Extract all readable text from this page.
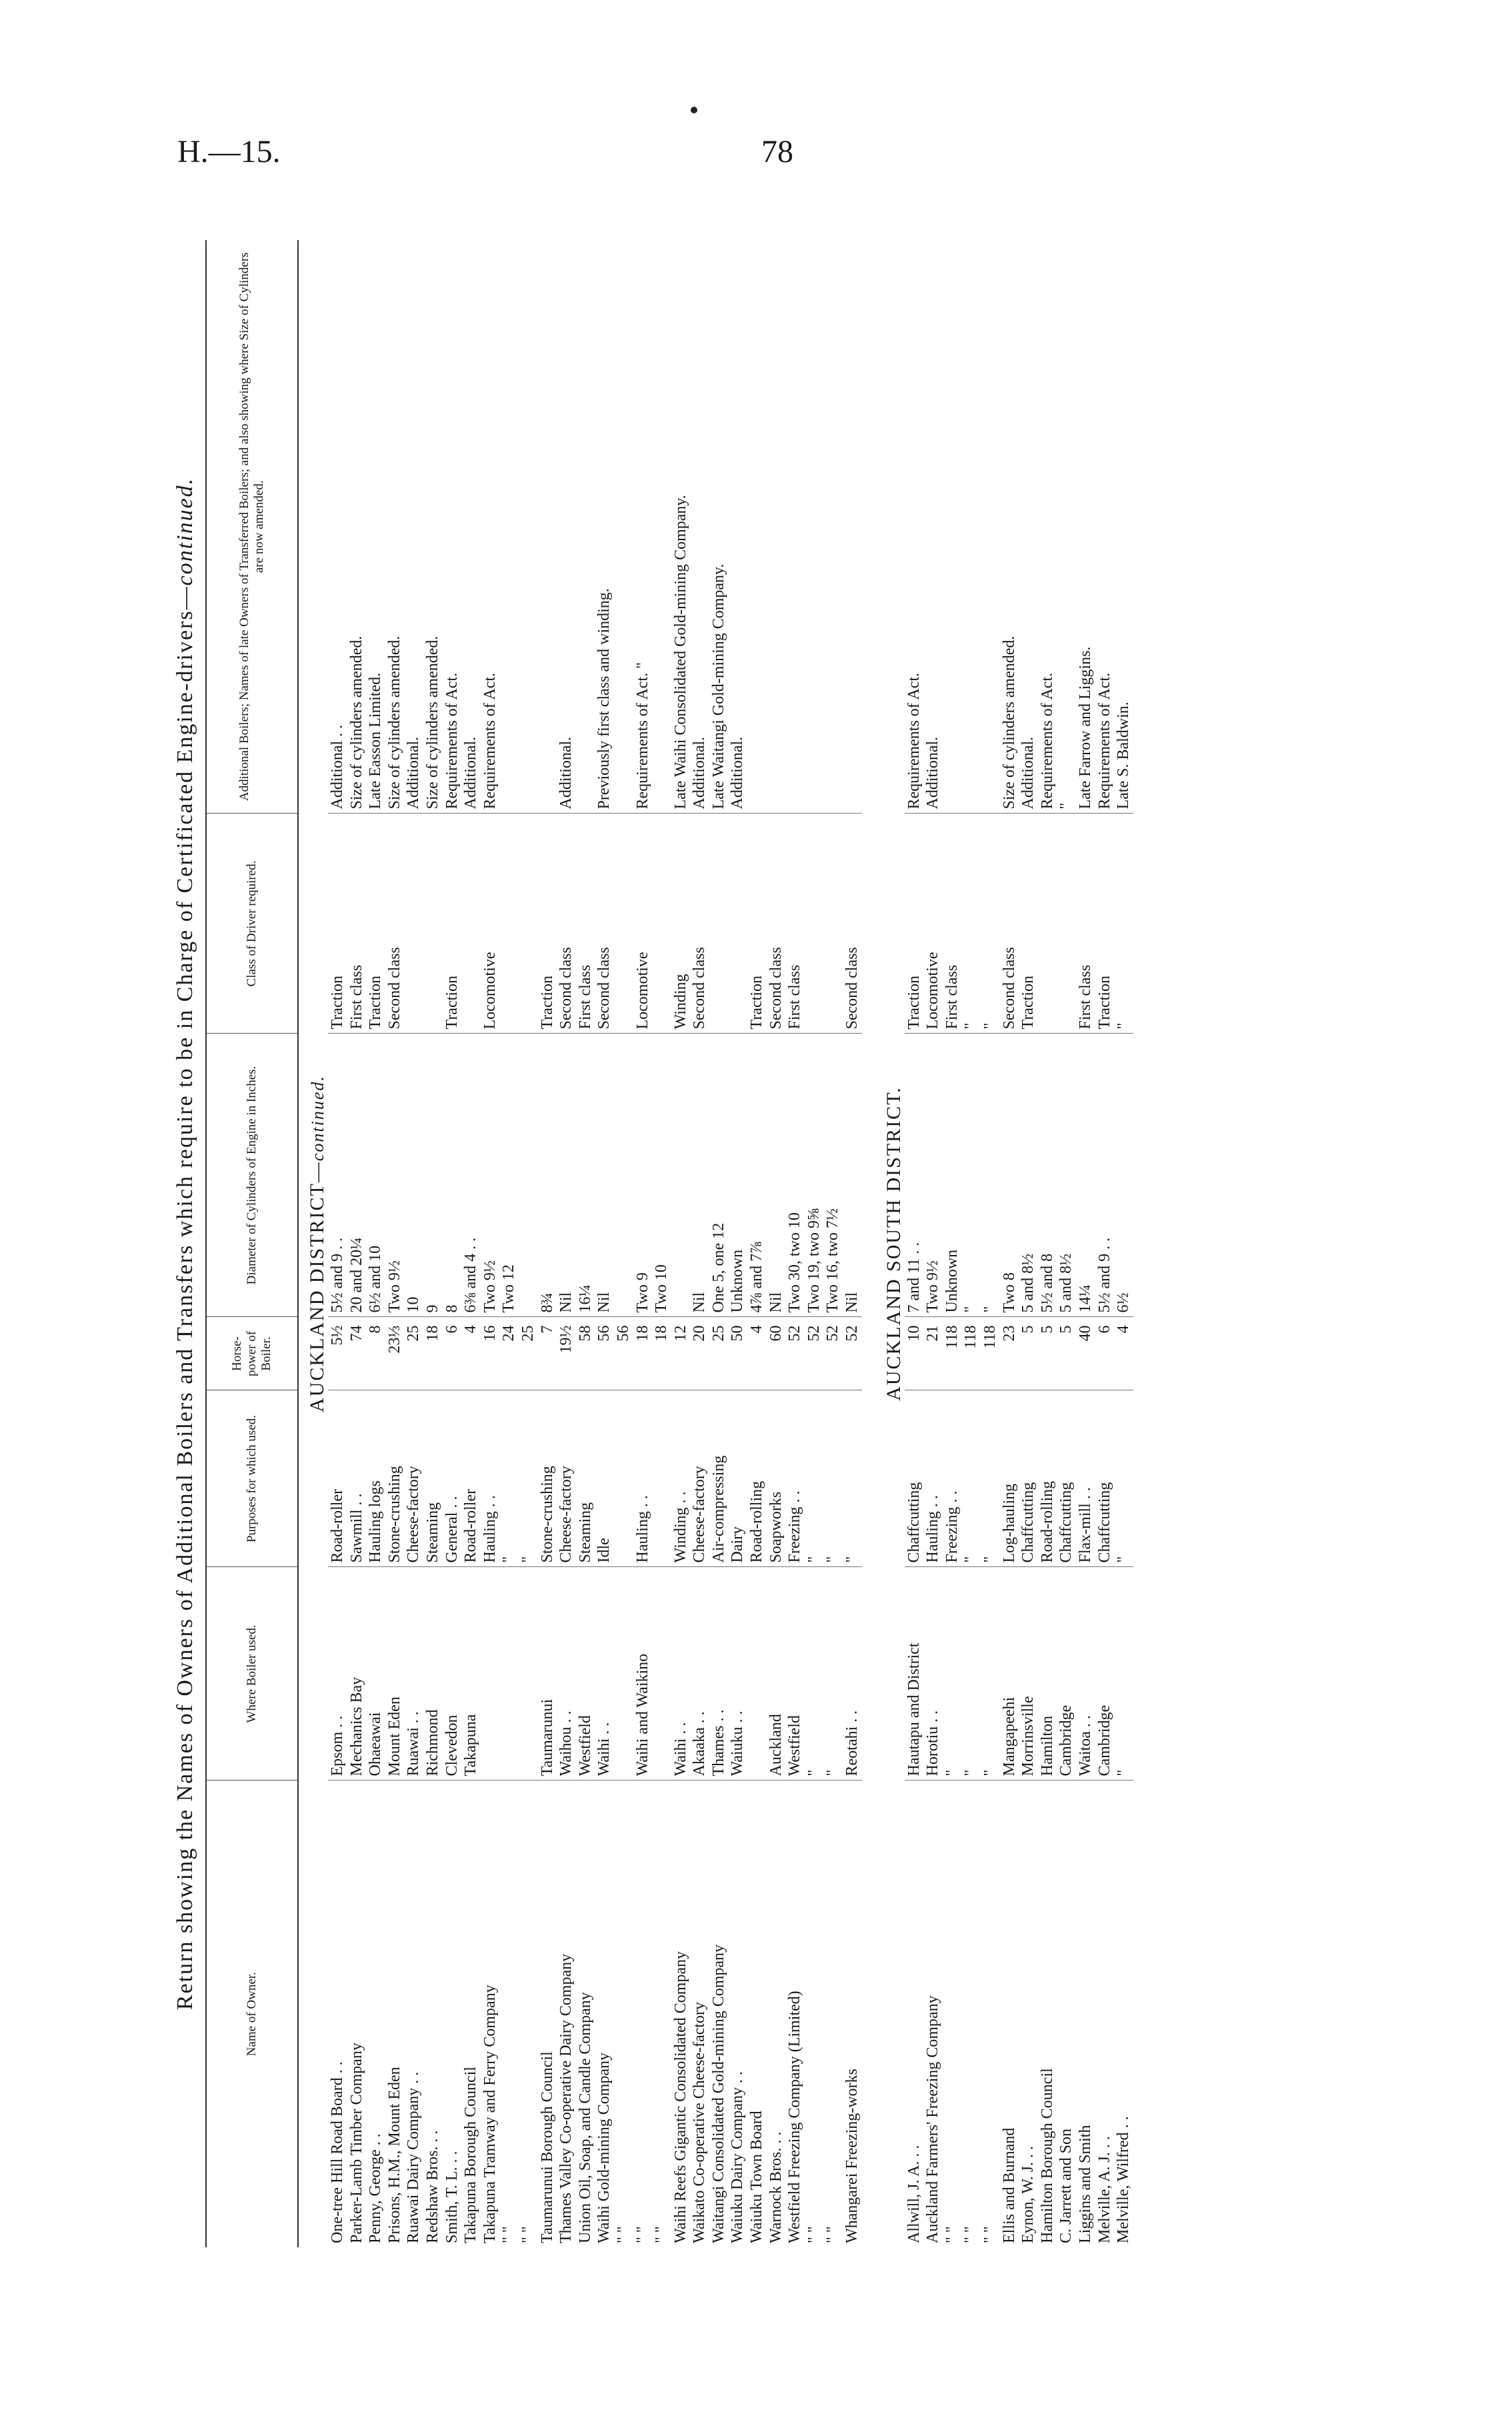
H.—15.	78
Return showing the Names of Owners of Additional Boilers and Transfers which require to be in Charge of Certificated Engine-drivers—continued.
Name of Owner.	Where Boiler used.	Purposes for which used.	Horse-power of Boiler.	Diameter of Cylinders of Engine in Inches.	Class of Driver required.	Additional Boilers; Names of late Owners of Transferred Boilers; and also showing where Size of Cylinders are now amended.
AUCKLAND DISTRICT—continued.						
One-tree Hill Road Board . .	Epsom . .	Road-roller	5½	5½ and 9 . .	Traction	Additional . .
Parker-Lamb Timber Company	Mechanics Bay	Sawmill . .	74	20 and 20¼	First class	Size of cylinders amended.
Penny, George . .	Ohaeawai	Hauling logs	8	6½ and 10	Traction	Late Easson Limited.
Prisons, H.M., Mount Eden	Mount Eden	Stone-crushing	23⅓	Two 9½	Second class	Size of cylinders amended.
Ruawai Dairy Company . .	Ruawai . .	Cheese-factory	25	10		Additional.
Redshaw Bros. . .	Richmond	Steaming	18	9		Size of cylinders amended.
Smith, T. L. . .	Clevedon	General . .	6	8	Traction	Requirements of Act.
Takapuna Borough Council	Takapuna	Road-roller	4	6⅜ and 4 . .		Additional.
Takapuna Tramway and Ferry Company		Hauling . .	16	Two 9½	Locomotive	Requirements of Act.
" "		"	24	Two 12		
" "		"	25			
Taumarunui Borough Council	Taumarunui	Stone-crushing	7	8¾	Traction	
Thames Valley Co-operative Dairy Company	Waihou . .	Cheese-factory	19½	Nil	Second class	Additional.
Union Oil, Soap, and Candle Company	Westfield	Steaming	58	16¼	First class	
Waihi Gold-mining Company	Waihi . .	Idle	56	Nil	Second class	Previously first class and winding.
" "			56			
" "	Waihi and Waikino	Hauling . .	18	Two 9	Locomotive	Requirements of Act. "
" "			18	Two 10		
Waihi Reefs Gigantic Consolidated Company	Waihi . .	Winding . .	12		Winding	Late Waihi Consolidated Gold-mining Company.
Waikato Co-operative Cheese-factory	Akaaka . .	Cheese-factory	20	Nil	Second class	Additional.
Waitangi Consolidated Gold-mining Company	Thames . .	Air-compressing	25	One 5, one 12		Late Waitangi Gold-mining Company.
Waiuku Dairy Company . .	Waiuku . .	Dairy	50	Unknown		Additional.
Waiuku Town Board		Road-rolling	4	4⅞ and 7⅞	Traction	
Warnock Bros. . .	Auckland	Soapworks	60	Nil	Second class	
Westfield Freezing Company (Limited)	Westfield	Freezing . .	52	Two 30, two 10	First class	
" "	"	"	52	Two 19, two 9⅝		
" "	"	"	52	Two 16, two 7½		
Whangarei Freezing-works	Reotahi . .	"	52	Nil	Second class	

AUCKLAND SOUTH DISTRICT.						
Allwill, J. A. . .	Hautapu and District	Chaffcutting	10	7 and 11 . .	Traction	Requirements of Act.
Auckland Farmers' Freezing Company	Horotiu . .	Hauling . .	21	Two 9½	Locomotive	Additional.
" "	"	Freezing . .	118	Unknown	First class	
" "	"	"	118	"	"	
" "	"	"	118	"	"	
Ellis and Burnand	Mangapeehi	Log-hauling	23	Two 8	Second class	Size of cylinders amended.
Eynon, W. J. . .	Morrinsville	Chaffcutting	5	5 and 8½	Traction	Additional.
Hamilton Borough Council	Hamilton	Road-rolling	5	5½ and 8		Requirements of Act.
C. Jarrett and Son	Cambridge	Chaffcutting	5	5 and 8½		"
Liggins and Smith	Waitoa . .	Flax-mill . .	40	14¼	First class	Late Farrow and Liggins.
Melville, A. J. . .	Cambridge	Chaffcutting	6	5½ and 9 . .	Traction	Requirements of Act.
Melville, Wilfred . .	"	"	4	6½	"	Late S. Baldwin.
